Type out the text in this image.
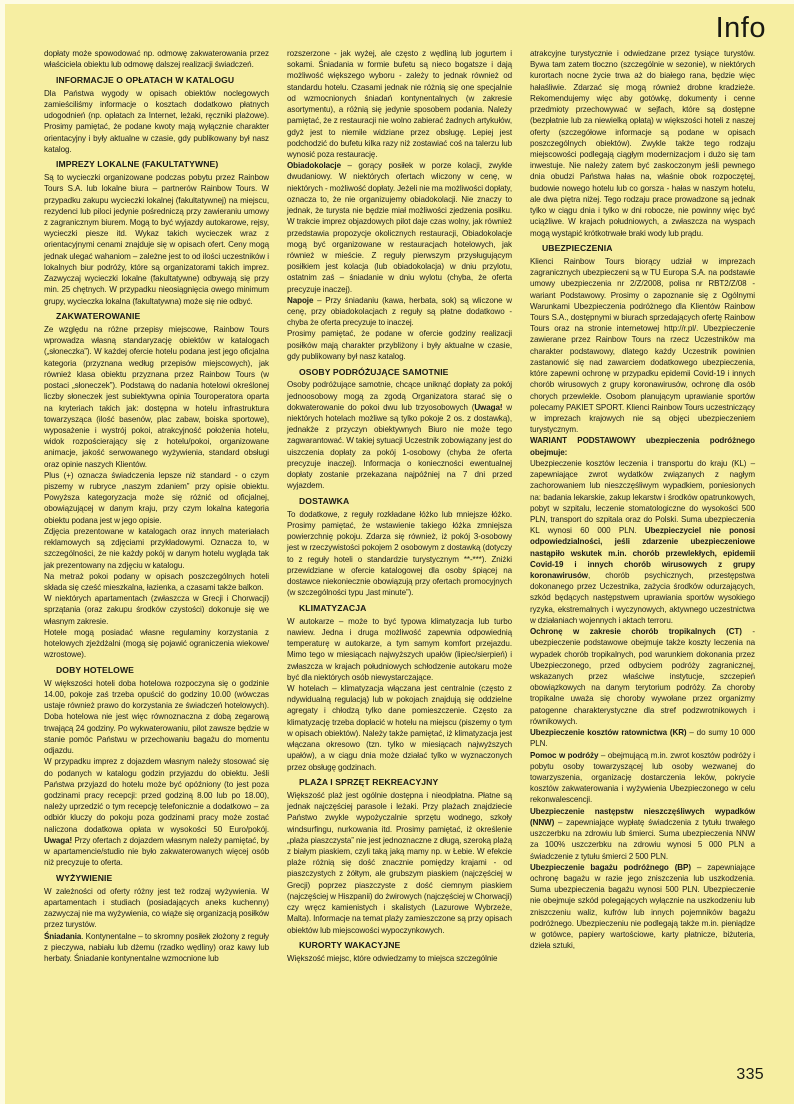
Info

dopłaty może spowodować np. odmowę zakwaterowania przez właściciela obiektu lub odmowę dalszej realizacji świadczeń.

INFORMACJE O OPŁATACH W KATALOGU

Dla Państwa wygody w opisach obiektów noclegowych zamieściliśmy informacje o kosztach dodatkowo płatnych udogodnień (np. opłatach za Internet, leżaki, ręczniki plażowe). Prosimy pamiętać, że podane kwoty mają wyłącznie charakter orientacyjny i były aktualne w czasie, gdy publikowany był nasz katalog.

IMPREZY LOKALNE (FAKULTATYWNE)

Są to wycieczki organizowane podczas pobytu przez Rainbow Tours S.A. lub lokalne biura – partnerów Rainbow Tours. W przypadku zakupu wycieczki lokalnej (fakultatywnej) na miejscu, rezydenci lub piloci jedynie pośredniczą przy zawieraniu umowy z zagranicznym biurem. Mogą to być wyjazdy autokarowe, rejsy, wycieczki piesze itd. Wykaz takich wycieczek wraz z orientacyjnymi cenami znajduje się w opisach ofert. Ceny mogą jednak ulegać wahaniom – zależne jest to od ilości uczestników i lokalnych biur podróży, które są organizatorami takich imprez. Zazwyczaj wycieczki lokalne (fakultatywne) odbywają się przy min. 25 chętnych. W przypadku nieosiągnięcia owego minimum grupy, wycieczka lokalna (fakultatywna) może się nie odbyć.

ZAKWATEROWANIE

Ze względu na różne przepisy miejscowe, Rainbow Tours wprowadza własną standaryzację obiektów w katalogach („słoneczka”). W każdej ofercie hotelu podana jest jego oficjalna kategoria (przyznana według przepisów miejscowych), jak również klasa obiektu przyznana przez Rainbow Tours (w postaci „słoneczek”). Podstawą do nadania hotelowi określonej liczby słoneczek jest subiektywna opinia Touroperatora oparta na kryteriach takich jak: dostępna w hotelu infrastruktura towarzysząca (ilość basenów, plac zabaw, boiska sportowe), wyposażenie i wystrój pokoi, atrakcyjność położenia hotelu, widok rozpościerający się z hotelu/pokoi, organizowane animacje, jakość serwowanego wyżywienia, standard obsługi oraz opinie naszych Klientów.

Plus (+) oznacza świadczenia lepsze niż standard - o czym piszemy w rubryce „naszym zdaniem” przy opisie obiektu. Powyższa kategoryzacja może się różnić od oficjalnej, obowiązującej w danym kraju, przy czym lokalna kategoria obiektu podana jest w jego opisie.

Zdjęcia prezentowane w katalogach oraz innych materiałach reklamowych są zdjęciami przykładowymi. Oznacza to, w szczególności, że nie każdy pokój w danym hotelu wygląda tak jak prezentowany na zdjęciu w katalogu.

Na metraż pokoi podany w opisach poszczególnych hoteli składa się cześć mieszkalna, łazienka, a czasami także balkon.

W niektórych apartamentach (zwłaszcza w Grecji i Chorwacji) sprzątania (oraz zakupu środków czystości) dokonuje się we własnym zakresie.

Hotele mogą posiadać własne regulaminy korzystania z hotelowych zjeżdżalni (mogą się pojawić ograniczenia wiekowe/ wzrostowe).

DOBY HOTELOWE

W większości hoteli doba hotelowa rozpoczyna się o godzinie 14.00, pokoje zaś trzeba opuścić do godziny 10.00 (wówczas ustaje również prawo do korzystania ze świadczeń hotelowych). Doba hotelowa nie jest więc równoznaczna z dobą zegarową trwającą 24 godziny. Po wykwaterowaniu, pilot zawsze będzie w stanie pomóc Państwu w przechowaniu bagażu do momentu odjazdu.

W przypadku imprez z dojazdem własnym należy stosować się do podanych w katalogu godzin przyjazdu do obiektu. Jeśli Państwa przyjazd do hotelu może być opóźniony (to jest poza godzinami pracy recepcji: przed godziną 8.00 lub po 18.00), należy uprzedzić o tym recepcję telefonicznie a dodatkowo – za odbiór kluczy do pokoju poza godzinami pracy może zostać naliczona dodatkowa opłata w wysokości 50 Euro/pokój. Uwaga! Przy ofertach z dojazdem własnym należy pamiętać, by w apartamencie/studio nie było zakwaterowanych więcej osób niż precyzuje to oferta.

WYŻYWIENIE

W zależności od oferty różny jest też rodzaj wyżywienia. W apartamentach i studiach (posiadających aneks kuchenny) zazwyczaj nie ma wyżywienia, co wiąże się organizacją posiłków przez turystów.

Śniadania. Kontynentalne – to skromny posiłek złożony z reguły z pieczywa, nabiału lub dżemu (rzadko wędliny) oraz kawy lub herbaty. Śniadanie kontynentalne wzmocnione lub

rozszerzone - jak wyżej, ale często z wędliną lub jogurtem i sokami. Śniadania w formie bufetu są nieco bogatsze i dają możliwość większego wyboru - zależy to jednak również od standardu hotelu. Czasami jednak nie różnią się one specjalnie od wzmocnionych śniadań kontynentalnych (w zakresie asortymentu), a różnią się jedynie sposobem podania. Należy pamiętać, że z restauracji nie wolno zabierać żadnych artykułów, gdyż jest to niemile widziane przez obsługę. Lepiej jest podchodzić do bufetu kilka razy niż zostawiać coś na talerzu lub wynosić poza restaurację.

Obiadokolacje – gorący posiłek w porze kolacji, zwykle dwudaniowy. W niektórych ofertach wliczony w cenę, w niektórych - możliwość dopłaty. Jeżeli nie ma możliwości dopłaty, oznacza to, że nie organizujemy obiadokolacji. Nie znaczy to jednak, że turysta nie będzie miał możliwości zjedzenia posiłku. W trakcie imprez objazdowych pilot daje czas wolny, jak również przedstawia propozycje okolicznych restauracji, Obiadokolacje mogą być organizowane w restauracjach hotelowych, jak również w mieście. Z reguły pierwszym przysługującym posiłkiem jest kolacja (lub obiadokolacja) w dniu przylotu, ostatnim zaś – śniadanie w dniu wylotu (chyba, że oferta precyzuje inaczej).

Napoje – Przy śniadaniu (kawa, herbata, sok) są wliczone w cenę, przy obiadokolacjach z reguły są płatne dodatkowo - chyba że oferta precyzuje to inaczej.

Prosimy pamiętać, że podane w ofercie godziny realizacji posiłków mają charakter przybliżony i były aktualne w czasie, gdy publikowany był nasz katalog.

OSOBY PODRÓŻUJĄCE SAMOTNIE

Osoby podróżujące samotnie, chcące uniknąć dopłaty za pokój jednoosobowy mogą za zgodą Organizatora starać się o dokwaterowanie do pokoi dwu lub trzyosobowych (Uwaga! w niektórych hotelach możliwe są tylko pokoje 2 os. z dostawką), jednakże z przyczyn obiektywnych Biuro nie może tego zagwarantować. W takiej sytuacji Uczestnik zobowiązany jest do uiszczenia dopłaty za pokój 1-osobowy (chyba że oferta precyzuje inaczej). Informacja o konieczności ewentualnej dopłaty zostanie przekazana najpóźniej na 7 dni przed wyjazdem.

DOSTAWKA

To dodatkowe, z reguły rozkładane łóżko lub mniejsze łóżko. Prosimy pamiętać, że wstawienie takiego łóżka zmniejsza powierzchnię pokoju. Zdarza się również, iż pokój 3-osobowy jest w rzeczywistości pokojem 2 osobowym z dostawką (dotyczy to z reguły hoteli o standardzie turystycznym **-***). Zniżki przewidziane w ofercie katalogowej dla osoby śpiącej na dostawce niekoniecznie obowiązują przy ofertach promocyjnych (w szczególności typu „last minute”).

KLIMATYZACJA

W autokarze – może to być typowa klimatyzacja lub turbo nawiew. Jedna i druga możliwość zapewnia odpowiednią temperaturę w autokarze, a tym samym komfort przejazdu. Mimo tego w miesiącach najwyższych upałów (lipiec/sierpień) i zwłaszcza w krajach południowych schłodzenie autokaru może być dla niektórych osób niewystarczające.

W hotelach – klimatyzacja włączana jest centralnie (często z ndywidualną regulacją) lub w pokojach znajdują się oddzielne agregaty i chłodzą tylko dane pomieszczenie. Często za klimatyzację trzeba dopłacić w hotelu na miejscu (piszemy o tym w opisach obiektów). Należy także pamiętać, iż klimatyzacja jest włączana okresowo (tzn. tylko w miesiącach najwyższych upałów), a w ciągu dnia może działać tylko w wyznaczonych przez obsługę godzinach.

PLAŻA I SPRZĘT REKREACYJNY

Większość plaż jest ogólnie dostępna i nieodpłatna. Płatne są jednak najczęściej parasole i leżaki. Przy plażach znajdziecie Państwo zwykle wypożyczalnie sprzętu wodnego, szkoły windsurfingu, nurkowania itd. Prosimy pamiętać, iż określenie „plaża piaszczysta” nie jest jednoznaczne z długą, szeroką plażą z białym piaskiem, czyli taką jaką mamy np. w Łebie. W efekcie plaże różnią się dość znacznie pomiędzy krajami - od piaszczystych z żółtym, ale grubszym piaskiem (najczęściej w Grecji) poprzez piaszczyste z dość ciemnym piaskiem (najczęściej w Hiszpanii) do żwirowych (najczęściej w Chorwacji) czy wręcz kamienistych i skalistych (Lazurowe Wybrzeże, Malta). Informacje na temat plaży zamieszczone są przy opisach obiektów lub miejscowości wypoczynkowych.

KURORTY WAKACYJNE

Większość miejsc, które odwiedzamy to miejsca szczególnie

atrakcyjne turystycznie i odwiedzane przez tysiące turystów. Bywa tam zatem tłoczno (szczególnie w sezonie), w niektórych kurortach nocne życie trwa aż do białego rana, będzie więc hałaśliwie. Zdarzać się mogą również drobne kradzieże. Rekomendujemy więc aby gotówkę, dokumenty i cenne przedmioty przechowywać w sejfach, które są dostępne (bezpłatnie lub za niewielką opłatą) w większości hoteli z naszej oferty (szczegółowe informacje są podane w opisach poszczególnych obiektów). Zwykle także tego rodzaju miejscowości podlegają ciągłym modernizacjom i dużo się tam inwestuje. Nie należy zatem być zaskoczonym jeśli pewnego dnia obudzi Państwa hałas na, właśnie obok rozpoczętej, budowie nowego hotelu lub co gorsza - hałas w naszym hotelu, ale dwa piętra niżej. Tego rodzaju prace prowadzone są jednak tylko w ciągu dnia i tylko w dni robocze, nie powinny więc być uciążliwe. W krajach południowych, a zwłaszcza na wyspach mogą wystąpić krótkotrwałe braki wody lub prądu.

UBEZPIECZENIA

Klienci Rainbow Tours biorący udział w imprezach zagranicznych ubezpieczeni są w TU Europa S.A. na podstawie umowy ubezpieczenia nr 2/Z/2008, polisa nr RBT2/Z/08 - wariant Podstawowy. Prosimy o zapoznanie się z Ogólnymi Warunkami Ubezpieczenia podróżnego dla Klientów Rainbow Tours S.A., dostępnymi w biurach sprzedających ofertę Rainbow Tours oraz na stronie internetowej http://r.pl/. Ubezpieczenie zawierane przez Rainbow Tours na rzecz Uczestników ma charakter podstawowy, dlatego każdy Uczestnik powinien zastanowić się nad zawarciem dodatkowego ubezpieczenia, które zapewni ochronę w przypadku epidemii Covid-19 i innych chorób wirusowych z grupy koronawirusów, ochronę dla osób chorych przewlekle. Osobom planującym uprawianie sportów polecamy PAKIET SPORT. Klienci Rainbow Tours uczestniczący w imprezach krajowych nie są objęci ubezpieczeniem turystycznym.

WARIANT PODSTAWOWY ubezpieczenia podróżnego obejmuje:

Ubezpieczenie kosztów leczenia i transportu do kraju (KL) – zapewniające zwrot wydatków związanych z nagłym zachorowaniem lub nieszczęśliwym wypadkiem, poniesionych na: badania lekarskie, zakup lekarstw i środków opatrunkowych, pobyt w szpitalu, leczenie stomatologiczne do wysokości 500 PLN, transport do szpitala oraz do Polski. Suma ubezpieczenia KL wynosi 60 000 PLN. Ubezpieczyciel nie ponosi odpowiedzialności, jeśli zdarzenie ubezpieczeniowe nastąpiło wskutek m.in. chorób przewlekłych, epidemii Covid-19 i innych chorób wirusowych z grupy koronawirusów, chorób psychicznych, przestępstwa dokonanego przez Uczestnika, zażycia środków odurzających, szkód będących następstwem uprawiania sportów wysokiego ryzyka, ekstremalnych i wyczynowych, aktywnego uczestnictwa w działaniach wojennych i aktach terroru.

Ochronę w zakresie chorób tropikalnych (CT) - ubezpieczenie podstawowe obejmuje także koszty leczenia na wypadek chorób tropikalnych, pod warunkiem dokonania przez Ubezpieczonego, przed odbyciem podróży zagranicznej, wskazanych przez właściwe instytucje, szczepień obowiązkowych na danym terytorium podróży. Za choroby tropikalne uważa się choroby wywołane przez organizmy patogenne charakterystyczne dla stref podzwrotnikowych i równikowych.

Ubezpieczenie kosztów ratownictwa (KR) – do sumy 10 000 PLN.

Pomoc w podróży – obejmującą m.in. zwrot kosztów podróży i pobytu osoby towarzyszącej lub osoby wezwanej do towarzyszenia, organizację dostarczenia leków, pokrycie kosztów zakwaterowania i wyżywienia Ubezpieczonego w celu rekonwalescencji.

Ubezpieczenie następstw nieszczęśliwych wypadków (NNW) – zapewniające wypłatę świadczenia z tytułu trwałego uszczerbku na zdrowiu lub śmierci. Suma ubezpieczenia NNW za 100% uszczerbku na zdrowiu wynosi 5 000 PLN a świadczenie z tytułu śmierci 2 500 PLN.

Ubezpieczenie bagażu podróżnego (BP) – zapewniające ochronę bagażu w razie jego zniszczenia lub uszkodzenia. Suma ubezpieczenia bagażu wynosi 500 PLN. Ubezpieczenie nie obejmuje szkód polegających wyłącznie na uszkodzeniu lub zniszczeniu waliz, kufrów lub innych pojemników bagażu podróżnego. Ubezpieczeniu nie podlegają także m.in. pieniądze w gotówce, papiery wartościowe, karty płatnicze, biżuteria, dzieła sztuki,

335
